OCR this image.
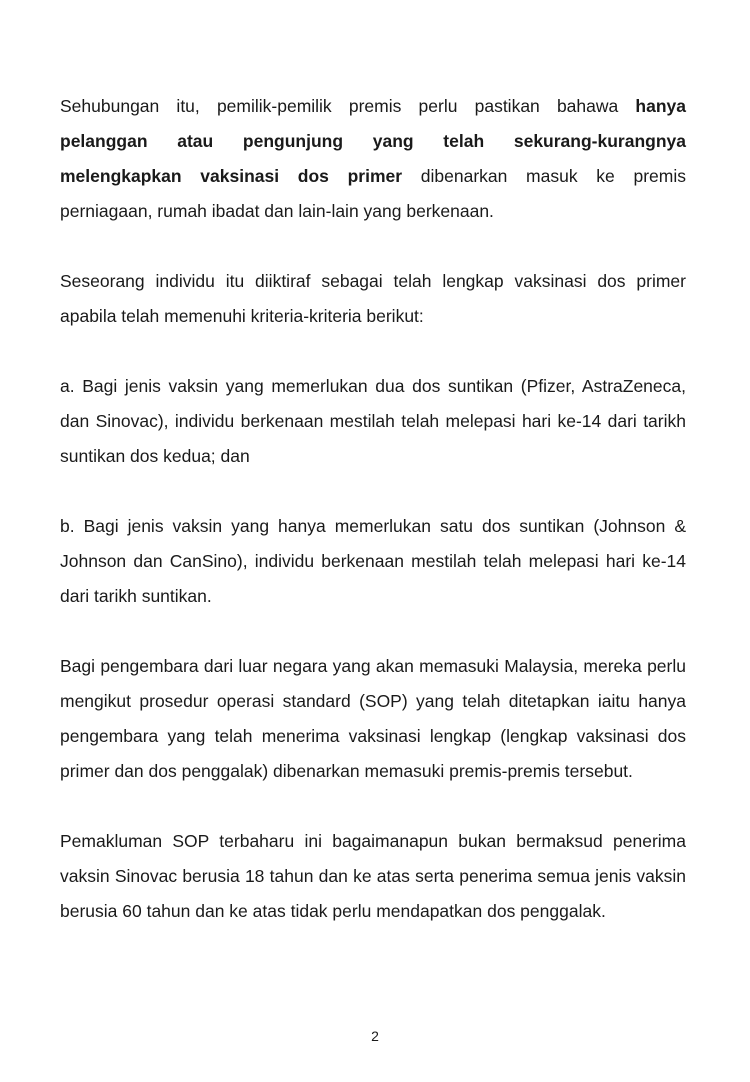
Sehubungan itu, pemilik-pemilik premis perlu pastikan bahawa hanya pelanggan atau pengunjung yang telah sekurang-kurangnya melengkapkan vaksinasi dos primer dibenarkan masuk ke premis perniagaan, rumah ibadat dan lain-lain yang berkenaan.

Seseorang individu itu diiktiraf sebagai telah lengkap vaksinasi dos primer apabila telah memenuhi kriteria-kriteria berikut:

a. Bagi jenis vaksin yang memerlukan dua dos suntikan (Pfizer, AstraZeneca, dan Sinovac), individu berkenaan mestilah telah melepasi hari ke-14 dari tarikh suntikan dos kedua; dan

b. Bagi jenis vaksin yang hanya memerlukan satu dos suntikan (Johnson & Johnson dan CanSino), individu berkenaan mestilah telah melepasi hari ke-14 dari tarikh suntikan.

Bagi pengembara dari luar negara yang akan memasuki Malaysia, mereka perlu mengikut prosedur operasi standard (SOP) yang telah ditetapkan iaitu hanya pengembara yang telah menerima vaksinasi lengkap (lengkap vaksinasi dos primer dan dos penggalak) dibenarkan memasuki premis-premis tersebut.

Pemakluman SOP terbaharu ini bagaimanapun bukan bermaksud penerima vaksin Sinovac berusia 18 tahun dan ke atas serta penerima semua jenis vaksin berusia 60 tahun dan ke atas tidak perlu mendapatkan dos penggalak.

2
